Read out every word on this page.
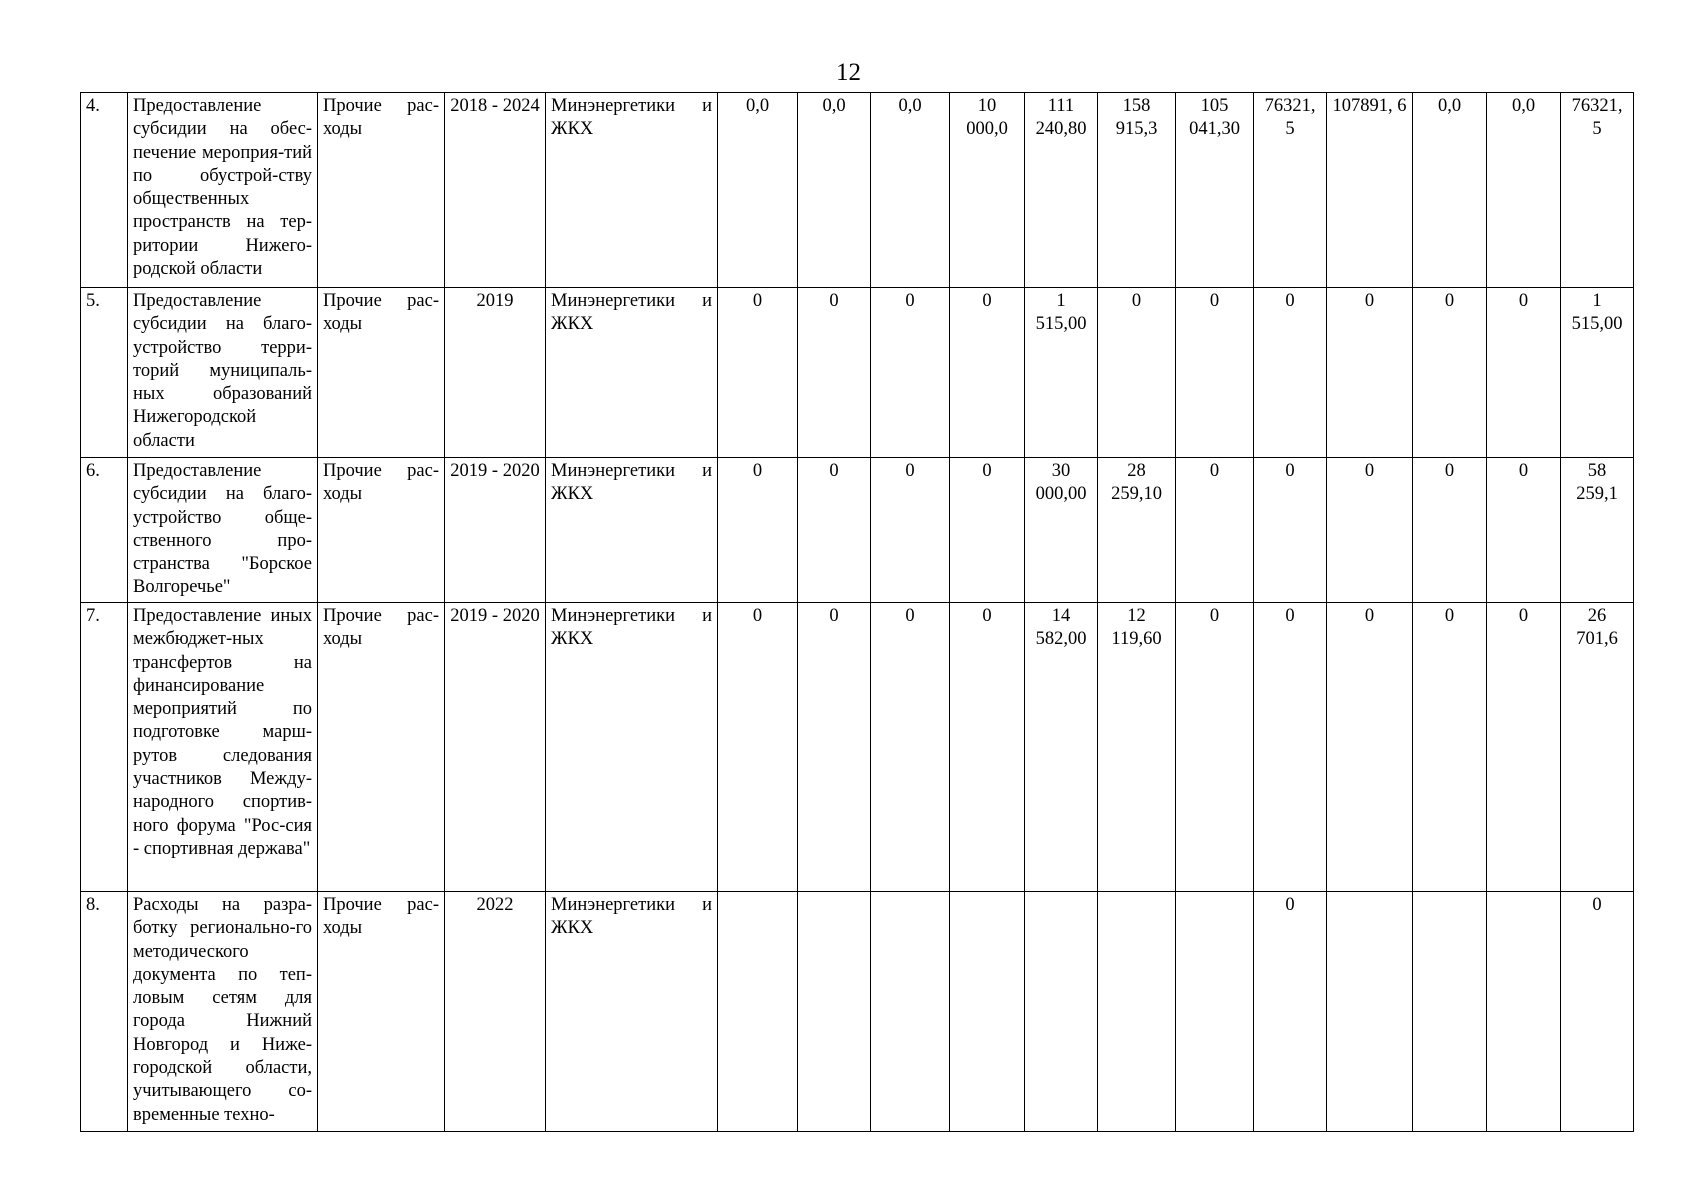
12
4.	Предоставление субсидии на обес-печение мероприя-тий по обустрой-ству общественных пространств на тер-ритории Нижего-родской области	Прочие рас-ходы	2018 - 2024	Минэнергетики и ЖКХ	0,0	0,0	0,0	10 000,0	111 240,80	158 915,3	105 041,30	76321, 5	107891, 6	0,0	0,0	76321, 5
5.	Предоставление субсидии на благо-устройство терри-торий муниципаль-ных образований Нижегородской области	Прочие рас-ходы	2019	Минэнергетики и ЖКХ	0	0	0	0	1 515,00	0	0	0	0	0	0	1 515,00
6.	Предоставление субсидии на благо-устройство обще-ственного про-странства "Борское Волгоречье"	Прочие рас-ходы	2019 - 2020	Минэнергетики и ЖКХ	0	0	0	0	30 000,00	28 259,10	0	0	0	0	0	58 259,1
7.	Предоставление иных межбюджет-ных трансфертов на финансирование мероприятий по подготовке марш-рутов следования участников Между-народного спортив-ного форума "Рос-сия - спортивная держава"	Прочие рас-ходы	2019 - 2020	Минэнергетики и ЖКХ	0	0	0	0	14 582,00	12 119,60	0	0	0	0	0	26 701,6
8.	Расходы на разра-ботку регионально-го методического документа по теп-ловым сетям для города Нижний Новгород и Ниже-городской области, учитывающего со-временные техно-	Прочие рас-ходы	2022	Минэнергетики и ЖКХ								0				0
